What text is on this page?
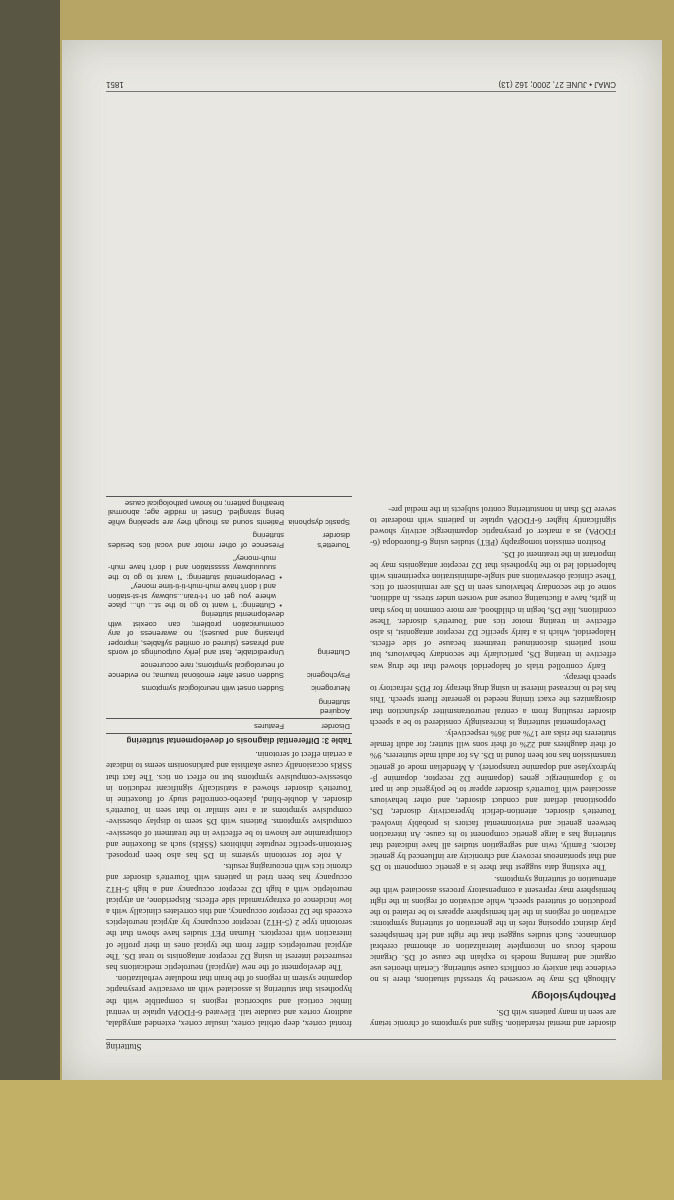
Stuttering

disorder and mental retardation. Signs and symptoms of chronic tetany are seen in many patients with DS.

Pathophysiology

Although DS may be worsened by stressful situations, there is no evidence that anxiety or conflicts cause stuttering. Certain theories use organic and learning models to explain the cause of DS. Organic models focus on incomplete lateralization or abnormal cerebral dominance. Such studies suggest that the right and left hemispheres play distinct opposing roles in the generation of stuttering symptoms: activation of regions in the left hemisphere appears to be related to the production of stuttered speech, while activation of regions in the right hemisphere may represent a compensatory process associated with the attenuation of stuttering symptoms.

The existing data suggest that there is a genetic component to DS and that spontaneous recovery and chronicity are influenced by genetic factors. Family, twin and segregation studies all have indicated that stuttering has a large genetic component to its cause. An interaction between genetic and environmental factors is probably involved. Tourette's disorder, attention-deficit hyperactivity disorder, DS, oppositional defiant and conduct disorder, and other behaviours associated with Tourette's disorder appear to be polygenic due in part to 3 dopaminergic genes (dopamine D2 receptor, dopamine β-hydroxylase and dopamine transporter). A Mendelian mode of genetic transmission has not been found in DS. As for adult male stutterers, 9% of their daughters and 22% of their sons will stutter; for adult female stutterers the risks are 17% and 36% respectively.

Developmental stuttering is increasingly considered to be a speech disorder resulting from a central neurotransmitter dysfunction that disorganizes the exact timing needed to generate fluent speech. This has led to increased interest in using drug therapy for PDS refractory to speech therapy.

Early controlled trials of haloperidol showed that the drug was effective in treating DS, particularly the secondary behaviours, but most patients discontinued treatment because of side effects. Haloperidol, which is a fairly specific D2 receptor antagonist, is also effective in treating motor tics and Tourette's disorder. These conditions, like DS, begin in childhood, are more common in boys than in girls, have a fluctuating course and worsen under stress. In addition, some of the secondary behaviours seen in DS are reminiscent of tics. These clinical observations and single-administration experiments with haloperidol led to the hypothesis that D2 receptor antagonists may be important in the treatment of DS.

Positron emission tomography (PET) studies using 6-fluorodopa (6-FDOPA) as a marker of presynaptic dopaminergic activity showed significantly higher 6-FDOPA uptake in patients with moderate to severe DS than in nonstuttering control subjects in the medial pre-

frontal cortex, deep orbital cortex, insular cortex, extended amygdala, auditory cortex and caudate tail. Elevated 6-FDOPA uptake in ventral limbic cortical and subcortical regions is compatible with the hypothesis that stuttering is associated with an overactive presynaptic dopamine system in regions of the brain that modulate verbalization.

The development of the new (atypical) neuroleptic medications has resurrected interest in using D2 receptor antagonists to treat DS. The atypical neuroleptics differ from the typical ones in their profile of interaction with receptors. Human PET studies have shown that the serotonin type 2 (5-HT2) receptor occupancy by atypical neuroleptics exceeds the D2 receptor occupancy, and this correlates clinically with a low incidence of extrapyramidal side effects. Risperidone, an atypical neuroleptic with a high D2 receptor occupancy and a high 5-HT2 occupancy has been tried in patients with Tourette's disorder and chronic tics with encouraging results.

A role for serotonin systems in DS has also been proposed. Serotonin-specific reuptake inhibitors (SSRIs) such as fluoxetine and clomipramine are known to be effective in the treatment of obsessive-compulsive symptoms. Patients with DS seem to display obsessive-compulsive symptoms at a rate similar to that seen in Tourette's disorder. A double-blind, placebo-controlled study of fluoxetine in Tourette's disorder showed a statistically significant reduction in obsessive-compulsive symptoms but no effect on tics. The fact that SSRIs occasionally cause akathisia and parkinsonism seems to indicate a certain effect of serotonin.

Table 3: Differential diagnosis of developmental stuttering
Disorder	Features
Acquired stuttering	
Neurogenic	Sudden onset with neurological symptoms
Psychogenic	Sudden onset after emotional trauma; no evidence of neurological symptoms; rare occurrence
Cluttering	Unpredictable, fast and jerky outpourings of words and phrases (slurred or omitted syllables, improper phrasing and pauses); no awareness of any communication problem; can coexist with developmental stuttering
• Cluttering: "I want to go to the st... uh... place where you get on t-t-train...subway st-st-station and I don't have muh-muh-ti-ti-time money"
• Developmental stuttering: "I want to go to the suuuuubway ssssstation and I don't have muh-muh-money"

Tourette's disorder	Presence of other motor and vocal tics besides stuttering
Spastic dysphonia	Patients sound as though they are speaking while being strangled. Onset in middle age; abnormal breathing pattern; no known pathological cause
CMAJ • JUNE 27, 2000; 162 (13)
1851
